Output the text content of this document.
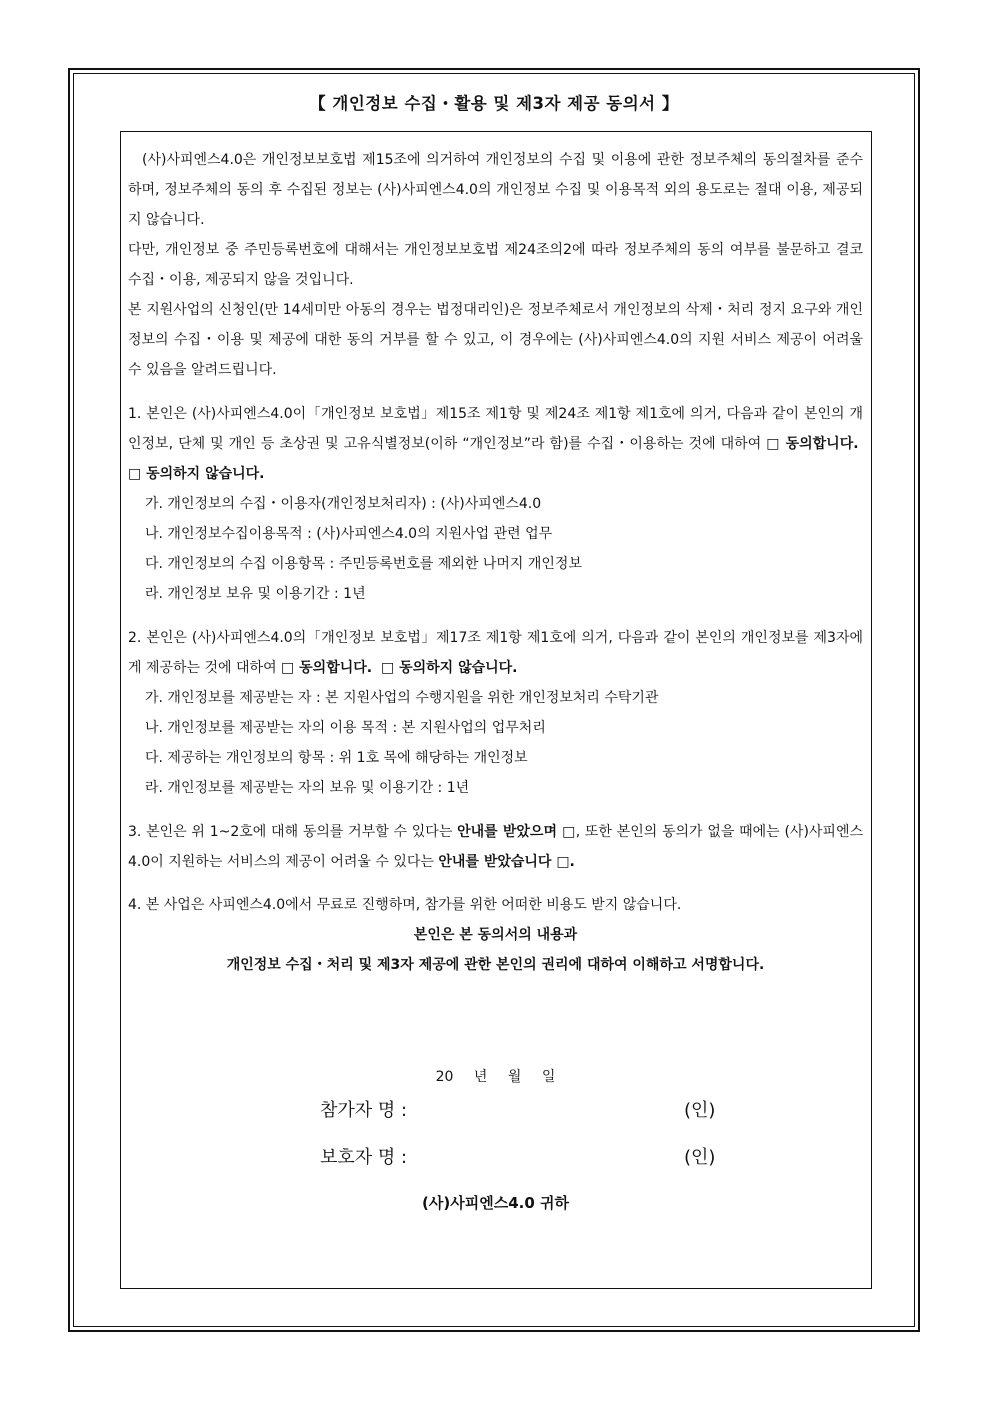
【 개인정보 수집・활용 및 제3자 제공 동의서 】

(사)사피엔스4.0은 개인정보보호법 제15조에 의거하여 개인정보의 수집 및 이용에 관한 정보주체의 동의절차를 준수하며, 정보주체의 동의 후 수집된 정보는 (사)사피엔스4.0의 개인정보 수집 및 이용목적 외의 용도로는 절대 이용, 제공되지 않습니다.

다만, 개인정보 중 주민등록번호에 대해서는 개인정보보호법 제24조의2에 따라 정보주체의 동의 여부를 불문하고 결코 수집・이용, 제공되지 않을 것입니다.

본 지원사업의 신청인(만 14세미만 아동의 경우는 법정대리인)은 정보주체로서 개인정보의 삭제・처리 정지 요구와 개인정보의 수집・이용 및 제공에 대한 동의 거부를 할 수 있고, 이 경우에는 (사)사피엔스4.0의 지원 서비스 제공이 어려울 수 있음을 알려드립니다.

1. 본인은 (사)사피엔스4.0이「개인정보 보호법」제15조 제1항 및 제24조 제1항 제1호에 의거, 다음과 같이 본인의 개인정보, 단체 및 개인 등 초상권 및 고유식별정보(이하 “개인정보”라 함)를 수집・이용하는 것에 대하여 □ 동의합니다.  □ 동의하지 않습니다.

가. 개인정보의 수집・이용자(개인정보처리자) : (사)사피엔스4.0
나. 개인정보수집이용목적 : (사)사피엔스4.0의 지원사업 관련 업무
다. 개인정보의 수집 이용항목 : 주민등록번호를 제외한 나머지 개인정보
라. 개인정보 보유 및 이용기간 : 1년

2. 본인은 (사)사피엔스4.0의「개인정보 보호법」제17조 제1항 제1호에 의거, 다음과 같이 본인의 개인정보를 제3자에게 제공하는 것에 대하여 □ 동의합니다. □ 동의하지 않습니다.

가. 개인정보를 제공받는 자 : 본 지원사업의 수행지원을 위한 개인정보처리 수탁기관
나. 개인정보를 제공받는 자의 이용 목적 : 본 지원사업의 업무처리
다. 제공하는 개인정보의 항목 : 위 1호 목에 해당하는 개인정보
라. 개인정보를 제공받는 자의 보유 및 이용기간 : 1년

3. 본인은 위 1~2호에 대해 동의를 거부할 수 있다는 안내를 받았으며 □, 또한 본인의 동의가 없을 때에는 (사)사피엔스4.0이 지원하는 서비스의 제공이 어려울 수 있다는 안내를 받았습니다 □.

4. 본 사업은 사피엔스4.0에서 무료로 진행하며, 참가를 위한 어떠한 비용도 받지 않습니다.

본인은 본 동의서의 내용과
개인정보 수집・처리 및 제3자 제공에 관한 본인의 권리에 대하여 이해하고 서명합니다.
20 년 월 일
참가자 명 :	(인)
보호자 명 :	(인)
(사)사피엔스4.0 귀하
